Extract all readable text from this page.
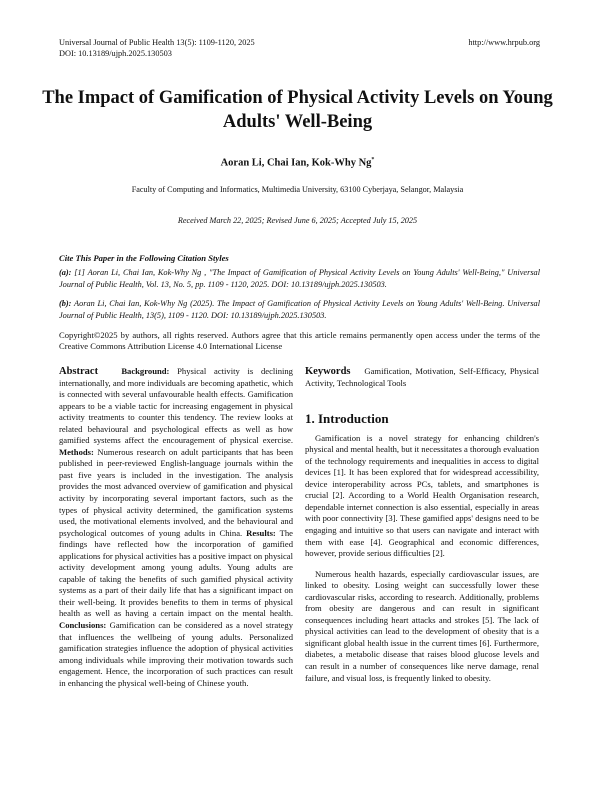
Universal Journal of Public Health 13(5): 1109-1120, 2025
DOI: 10.13189/ujph.2025.130503
http://www.hrpub.org
The Impact of Gamification of Physical Activity Levels on Young Adults' Well-Being
Aoran Li, Chai Ian, Kok-Why Ng*
Faculty of Computing and Informatics, Multimedia University, 63100 Cyberjaya, Selangor, Malaysia
Received March 22, 2025; Revised June 6, 2025; Accepted July 15, 2025
Cite This Paper in the Following Citation Styles
(a): [1] Aoran Li, Chai Ian, Kok-Why Ng , "The Impact of Gamification of Physical Activity Levels on Young Adults' Well-Being," Universal Journal of Public Health, Vol. 13, No. 5, pp. 1109 - 1120, 2025. DOI: 10.13189/ujph.2025.130503.
(b): Aoran Li, Chai Ian, Kok-Why Ng (2025). The Impact of Gamification of Physical Activity Levels on Young Adults' Well-Being. Universal Journal of Public Health, 13(5), 1109 - 1120. DOI: 10.13189/ujph.2025.130503.
Copyright©2025 by authors, all rights reserved. Authors agree that this article remains permanently open access under the terms of the Creative Commons Attribution License 4.0 International License
Abstract	Background: Physical activity is declining internationally, and more individuals are becoming apathetic, which is connected with several unfavourable health effects. Gamification appears to be a viable tactic for increasing engagement in physical activity treatments to counter this tendency. The review looks at related behavioural and psychological effects as well as how gamified systems affect the encouragement of physical exercise. Methods: Numerous research on adult participants that has been published in peer-reviewed English-language journals within the past five years is included in the investigation. The analysis provides the most advanced overview of gamification and physical activity by incorporating several important factors, such as the types of physical activity determined, the gamification systems used, the motivational elements involved, and the behavioural and psychological outcomes of young adults in China. Results: The findings have reflected how the incorporation of gamified applications for physical activities has a positive impact on physical activity development among young adults. Young adults are capable of taking the benefits of such gamified physical activity systems as a part of their daily life that has a significant impact on their well-being. It provides benefits to them in terms of physical health as well as having a certain impact on the mental health. Conclusions: Gamification can be considered as a novel strategy that influences the wellbeing of young adults. Personalized gamification strategies influence the adoption of physical activities among individuals while improving their motivation towards such engagement. Hence, the incorporation of such practices can result in enhancing the physical well-being of Chinese youth.
Keywords Gamification, Motivation, Self-Efficacy, Physical Activity, Technological Tools
1. Introduction

Gamification is a novel strategy for enhancing children's physical and mental health, but it necessitates a thorough evaluation of the technology requirements and inequalities in access to digital devices [1]. It has been explored that for widespread accessibility, device interoperability across PCs, tablets, and smartphones is crucial [2]. According to a World Health Organisation research, dependable internet connection is also essential, especially in areas with poor connectivity [3]. These gamified apps' designs need to be engaging and intuitive so that users can navigate and interact with them with ease [4]. Geographical and economic differences, however, provide serious difficulties [2].

Numerous health hazards, especially cardiovascular issues, are linked to obesity. Losing weight can successfully lower these cardiovascular risks, according to research. Additionally, problems from obesity are dangerous and can result in significant consequences including heart attacks and strokes [5]. The lack of physical activities can lead to the development of obesity that is a significant global health issue in the current times [6]. Furthermore, diabetes, a metabolic disease that raises blood glucose levels and can result in a number of consequences like nerve damage, renal failure, and visual loss, is frequently linked to obesity.
